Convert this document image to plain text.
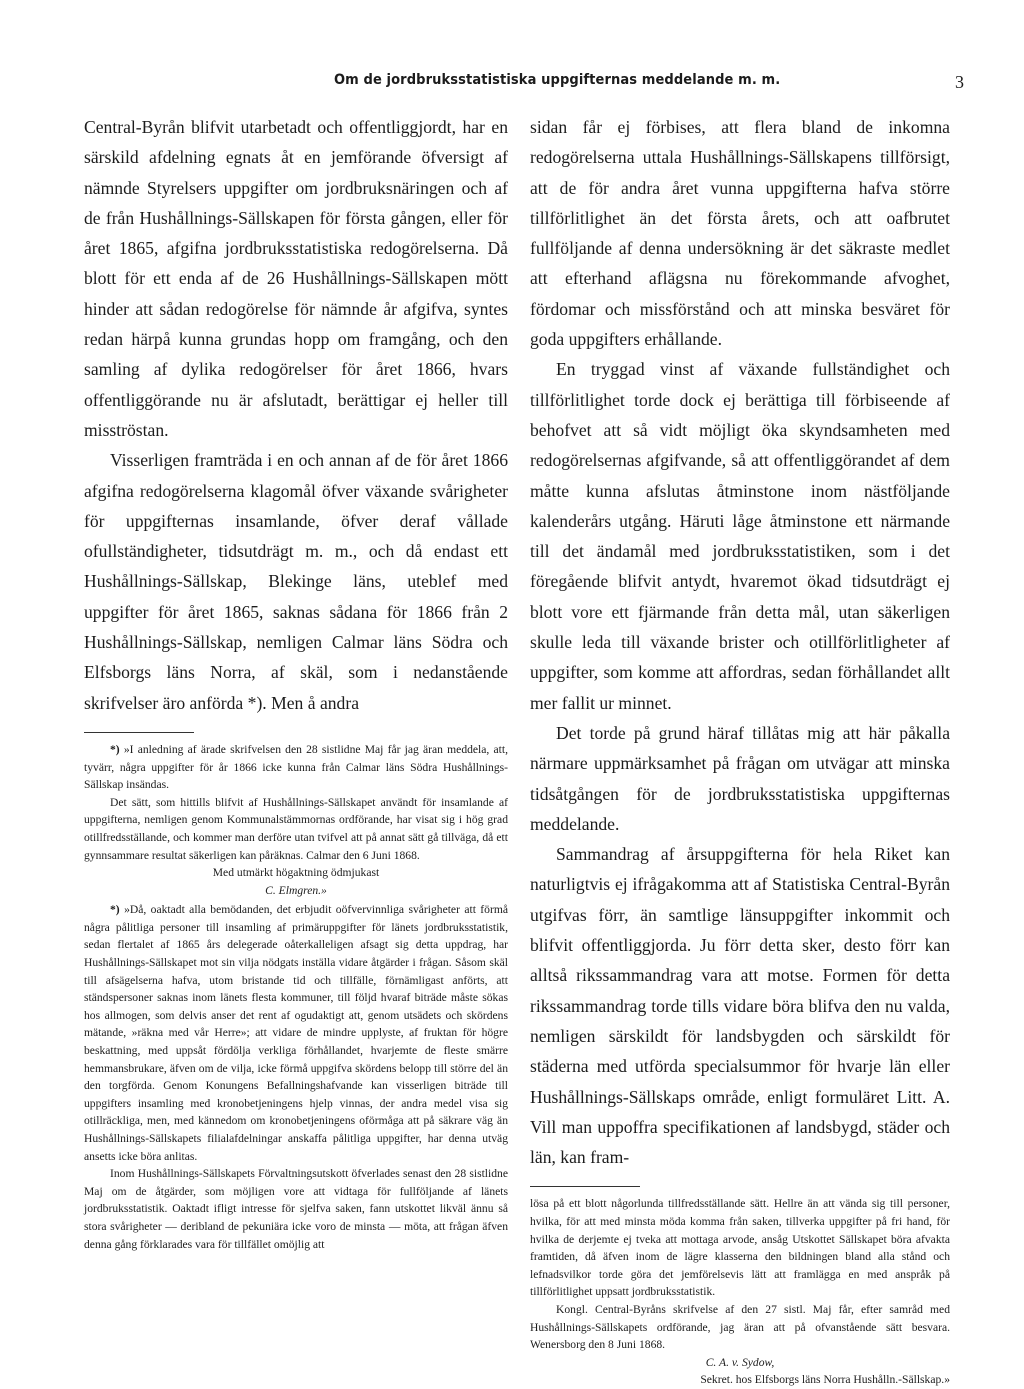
Om de jordbruksstatistiska uppgifternas meddelande m. m.	3

Central-Byrån blifvit utarbetadt och offentliggjordt, har en särskild afdelning egnats åt en jemförande öfversigt af nämnde Styrelsers uppgifter om jordbruksnäringen och af de från Hushållnings-Sällskapen för första gången, eller för året 1865, afgifna jordbruksstatistiska redogörelserna. Då blott för ett enda af de 26 Hushållnings-Sällskapen mött hinder att sådan redogörelse för nämnde år afgifva, syntes redan härpå kunna grundas hopp om framgång, och den samling af dylika redogörelser för året 1866, hvars offentliggörande nu är afslutadt, berättigar ej heller till misströstan.

Visserligen framträda i en och annan af de för året 1866 afgifna redogörelserna klagomål öfver växande svårigheter för uppgifternas insamlande, öfver deraf vållade ofullständigheter, tidsutdrägt m. m., och då endast ett Hushållnings-Sällskap, Blekinge läns, uteblef med uppgifter för året 1865, saknas sådana för 1866 från 2 Hushållnings-Sällskap, nemligen Calmar läns Södra och Elfsborgs läns Norra, af skäl, som i nedanstående skrifvelser äro anförda *). Men å andra

*) »I anledning af ärade skrifvelsen den 28 sistlidne Maj får jag äran meddela, att, tyvärr, några uppgifter för år 1866 icke kunna från Calmar läns Södra Hushållnings-Sällskap insändas.

Det sätt, som hittills blifvit af Hushållnings-Sällskapet användt för insamlande af uppgifterna, nemligen genom Kommunalstämmornas ordförande, har visat sig i hög grad otillfredsställande, och kommer man derföre utan tvifvel att på annat sätt gå tillväga, då ett gynnsammare resultat säkerligen kan påräknas. Calmar den 6 Juni 1868.

Med utmärkt högaktning ödmjukast

C. Elmgren.»

*) »Då, oaktadt alla bemödanden, det erbjudit oöfvervinnliga svårigheter att förmå några pålitliga personer till insamling af primäruppgifter för länets jordbruksstatistik, sedan flertalet af 1865 års delegerade oåterkalleligen afsagt sig detta uppdrag, har Hushållnings-Sällskapet mot sin vilja nödgats inställa vidare åtgärder i frågan. Såsom skäl till afsägelserna hafva, utom bristande tid och tillfälle, förnämligast anförts, att ständspersoner saknas inom länets flesta kommuner, till följd hvaraf biträde måste sökas hos allmogen, som delvis anser det rent af ogudaktigt att, genom utsädets och skördens mätande, »räkna med vår Herre»; att vidare de mindre upplyste, af fruktan för högre beskattning, med uppsåt fördölja verkliga förhållandet, hvarjemte de fleste smärre hemmansbrukare, äfven om de vilja, icke förmå uppgifva skördens belopp till större del än den torgförda. Genom Konungens Befallningshafvande kan visserligen biträde till uppgifters insamling med kronobetjeningens hjelp vinnas, der andra medel visa sig otillräckliga, men, med kännedom om kronobetjeningens oförmåga att på säkrare väg än Hushållnings-Sällskapets filialafdelningar anskaffa pålitliga uppgifter, har denna utväg ansetts icke böra anlitas.

Inom Hushållnings-Sällskapets Förvaltningsutskott öfverlades senast den 28 sistlidne Maj om de åtgärder, som möjligen vore att vidtaga för fullföljande af länets jordbruksstatistik. Oaktadt ifligt intresse för sjelfva saken, fann utskottet likväl ännu så stora svårigheter — deribland de pekuniära icke voro de minsta — möta, att frågan äfven denna gång förklarades vara för tillfället omöjlig att

sidan får ej förbises, att flera bland de inkomna redogörelserna uttala Hushållnings-Sällskapens tillförsigt, att de för andra året vunna uppgifterna hafva större tillförlitlighet än det första årets, och att oafbrutet fullföljande af denna undersökning är det säkraste medlet att efterhand aflägsna nu förekommande afvoghet, fördomar och missförstånd och att minska besväret för goda uppgifters erhållande.

En tryggad vinst af växande fullständighet och tillförlitlighet torde dock ej berättiga till förbiseende af behofvet att så vidt möjligt öka skyndsamheten med redogörelsernas afgifvande, så att offentliggörandet af dem måtte kunna afslutas åtminstone inom nästföljande kalenderårs utgång. Häruti låge åtminstone ett närmande till det ändamål med jordbruksstatistiken, som i det föregående blifvit antydt, hvaremot ökad tidsutdrägt ej blott vore ett fjärmande från detta mål, utan säkerligen skulle leda till växande brister och otillförlitligheter af uppgifter, som komme att affordras, sedan förhållandet allt mer fallit ur minnet.

Det torde på grund häraf tillåtas mig att här påkalla närmare uppmärksamhet på frågan om utvägar att minska tidsåtgången för de jordbruksstatistiska uppgifternas meddelande.

Sammandrag af årsuppgifterna för hela Riket kan naturligtvis ej ifrågakomma att af Statistiska Central-Byrån utgifvas förr, än samtlige länsuppgifter inkommit och blifvit offentliggjorda. Ju förr detta sker, desto förr kan alltså rikssammandrag vara att motse. Formen för detta rikssammandrag torde tills vidare böra blifva den nu valda, nemligen särskildt för landsbygden och särskildt för städerna med utförda specialsummor för hvarje län eller Hushållnings-Sällskaps område, enligt formuläret Litt. A. Vill man uppoffra specifikationen af landsbygd, städer och län, kan fram-

lösa på ett blott någorlunda tillfredsställande sätt. Hellre än att vända sig till personer, hvilka, för att med minsta möda komma från saken, tillverka uppgifter på fri hand, för hvilka de derjemte ej tveka att mottaga arvode, ansåg Utskottet Sällskapet böra afvakta framtiden, då äfven inom de lägre klasserna den bildningen bland alla stånd och lefnadsvilkor torde göra det jemförelsevis lätt att framlägga en med anspråk på tillförlitlighet uppsatt jordbruksstatistik.

Kongl. Central-Byråns skrifvelse af den 27 sistl. Maj får, efter samråd med Hushållnings-Sällskapets ordförande, jag äran att på ofvanstående sätt besvara. Wenersborg den 8 Juni 1868.

C. A. v. Sydow,

Sekret. hos Elfsborgs läns Norra Hushålln.-Sällskap.»
